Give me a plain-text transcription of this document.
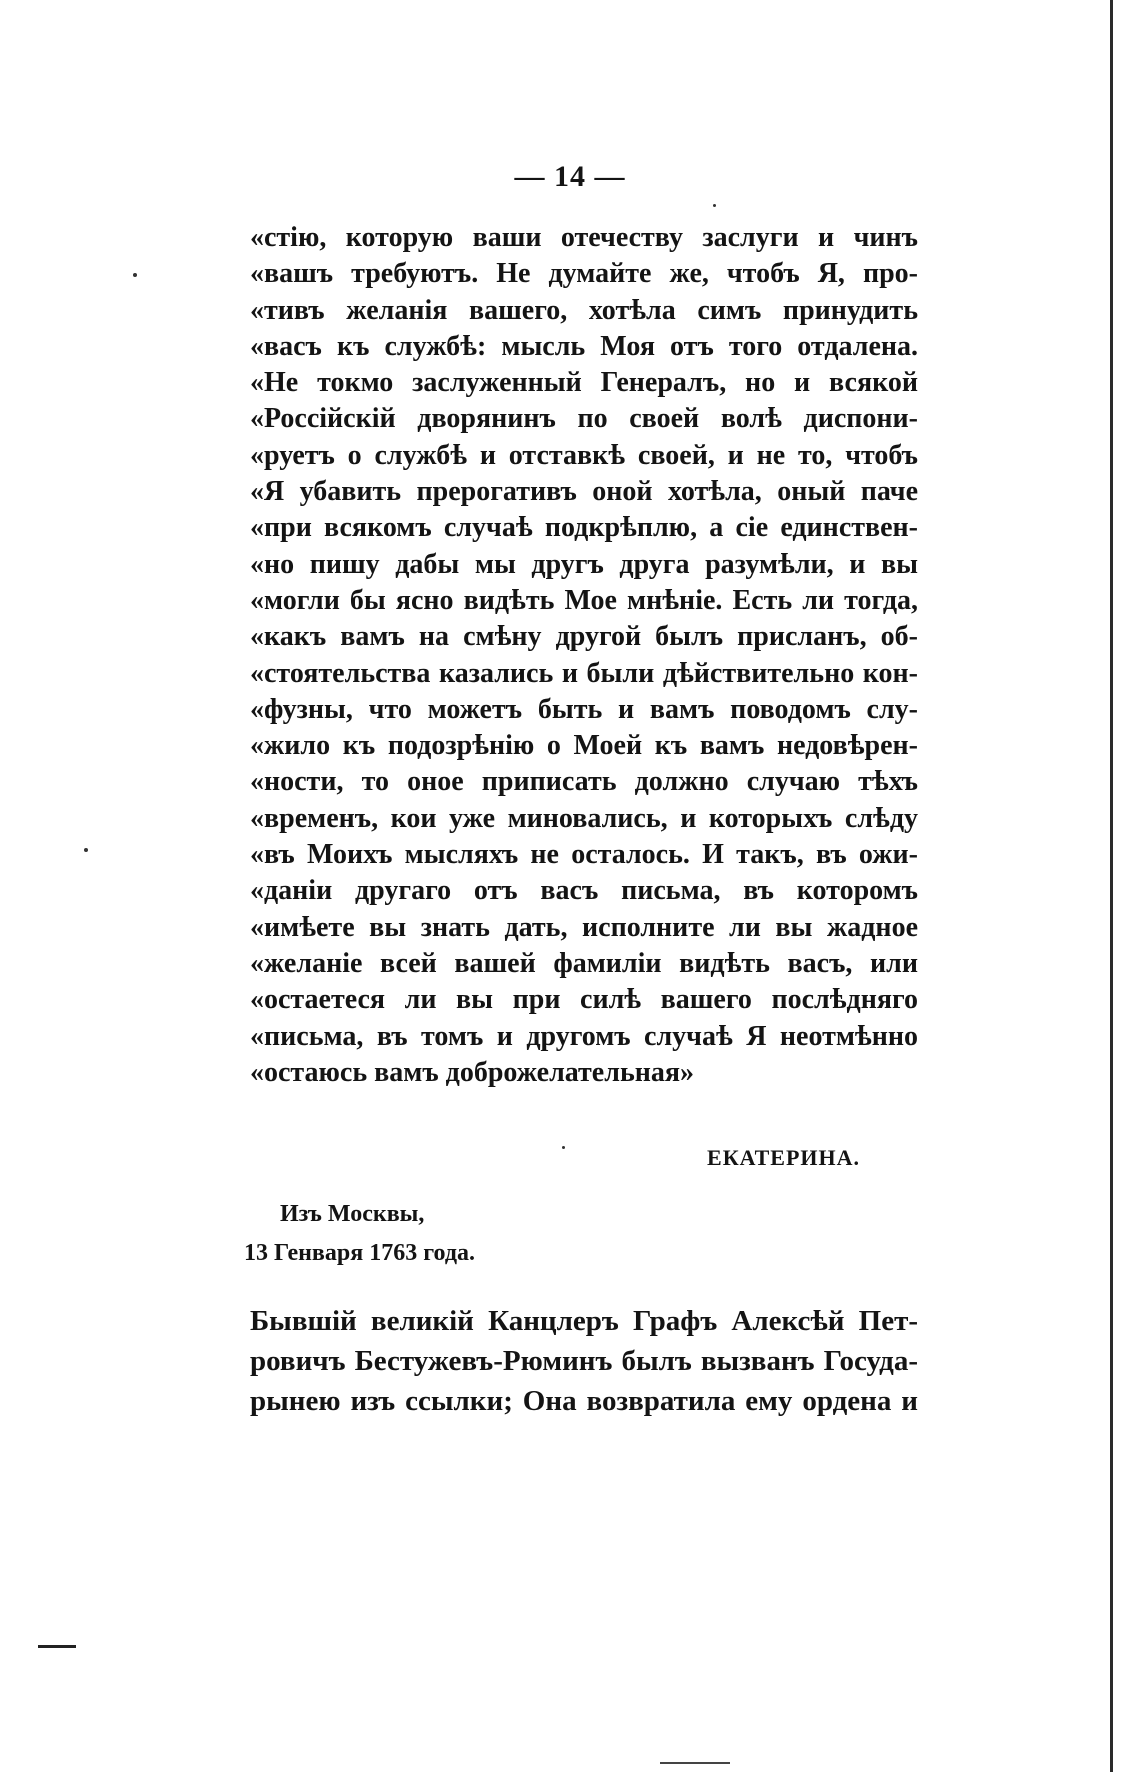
— 14 —
«стію, которую ваши отечеству заслуги и чинъ
«вашъ требуютъ. Не думайте же, чтобъ Я, про-
«тивъ желанія вашего, хотѣла симъ принудить
«васъ къ службѣ: мысль Моя отъ того отдалена.
«Не токмо заслуженный Генералъ, но и всякой
«Россійскій дворянинъ по своей волѣ диспони-
«руетъ о службѣ и отставкѣ своей, и не то, чтобъ
«Я убавить прерогативъ оной хотѣла, оный паче
«при всякомъ случаѣ подкрѣплю, а сіе единствен-
«но пишу дабы мы другъ друга разумѣли, и вы
«могли бы ясно видѣть Мое мнѣніе. Есть ли тогда,
«какъ вамъ на смѣну другой былъ присланъ, об-
«стоятельства казались и были дѣйствительно кон-
«фузны, что можетъ быть и вамъ поводомъ слу-
«жило къ подозрѣнію о Моей къ вамъ недовѣрен-
«ности, то оное приписать должно случаю тѣхъ
«временъ, кои уже миновались, и которыхъ слѣду
«въ Моихъ мысляхъ не осталось. И такъ, въ ожи-
«даніи другаго отъ васъ письма, въ которомъ
«имѣете вы знать дать, исполните ли вы жадное
«желаніе всей вашей фамиліи видѣть васъ, или
«остаетеся ли вы при силѣ вашего послѣдняго
«письма, въ томъ и другомъ случаѣ Я неотмѣнно
«остаюсь вамъ доброжелательная»
ЕКАТЕРИНА.
Изъ Москвы,
13 Генваря 1763 года.
Бывшій великій Канцлеръ Графъ Алексѣй Пет-
ровичъ Бестужевъ-Рюминъ былъ вызванъ Госуда-
рынею изъ ссылки; Она возвратила ему ордена и
